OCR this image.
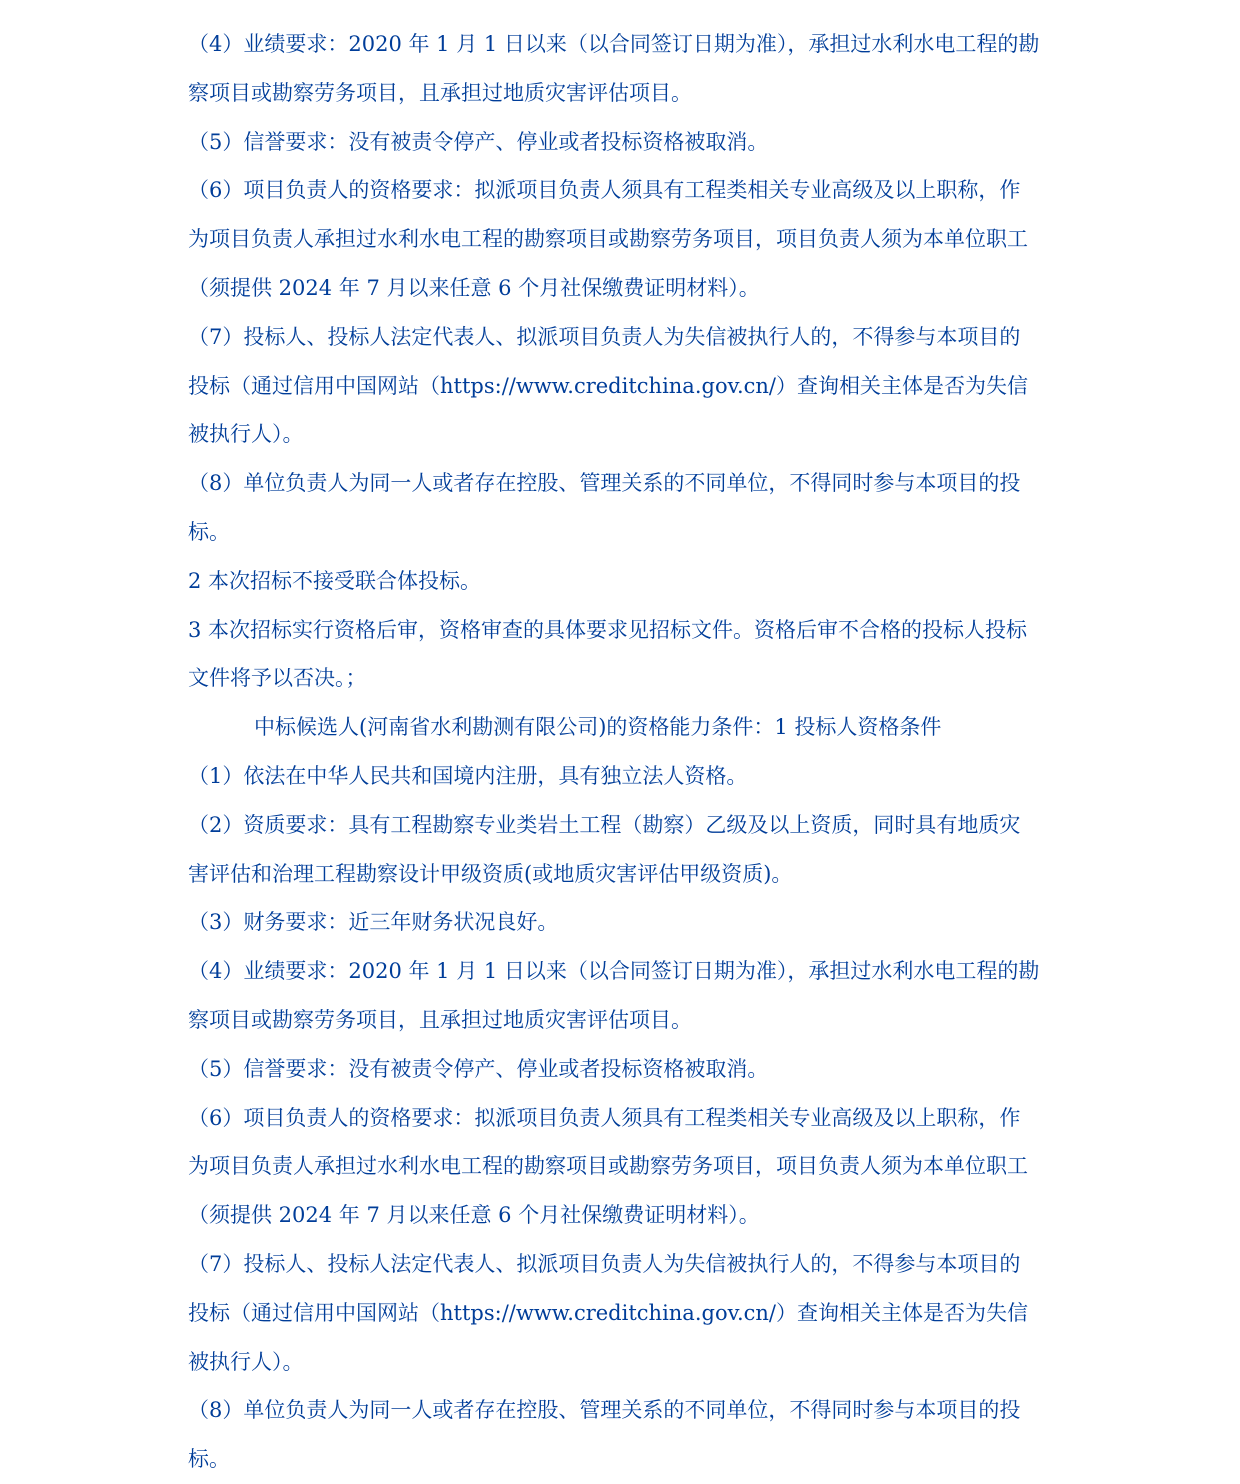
（4）业绩要求：2020 年 1 月 1 日以来（以合同签订日期为准），承担过水利水电工程的勘
察项目或勘察劳务项目，且承担过地质灾害评估项目。
（5）信誉要求：没有被责令停产、停业或者投标资格被取消。
（6）项目负责人的资格要求：拟派项目负责人须具有工程类相关专业高级及以上职称，作
为项目负责人承担过水利水电工程的勘察项目或勘察劳务项目，项目负责人须为本单位职工
（须提供 2024 年 7 月以来任意 6 个月社保缴费证明材料）。
（7）投标人、投标人法定代表人、拟派项目负责人为失信被执行人的，不得参与本项目的
投标（通过信用中国网站（https://www.creditchina.gov.cn/）查询相关主体是否为失信
被执行人）。
（8）单位负责人为同一人或者存在控股、管理关系的不同单位，不得同时参与本项目的投
标。
2 本次招标不接受联合体投标。
3 本次招标实行资格后审，资格审查的具体要求见招标文件。资格后审不合格的投标人投标
文件将予以否决。；
中标候选人(河南省水利勘测有限公司)的资格能力条件：1 投标人资格条件
（1）依法在中华人民共和国境内注册，具有独立法人资格。
（2）资质要求：具有工程勘察专业类岩土工程（勘察）乙级及以上资质，同时具有地质灾
害评估和治理工程勘察设计甲级资质(或地质灾害评估甲级资质)。
（3）财务要求：近三年财务状况良好。
（4）业绩要求：2020 年 1 月 1 日以来（以合同签订日期为准），承担过水利水电工程的勘
察项目或勘察劳务项目，且承担过地质灾害评估项目。
（5）信誉要求：没有被责令停产、停业或者投标资格被取消。
（6）项目负责人的资格要求：拟派项目负责人须具有工程类相关专业高级及以上职称，作
为项目负责人承担过水利水电工程的勘察项目或勘察劳务项目，项目负责人须为本单位职工
（须提供 2024 年 7 月以来任意 6 个月社保缴费证明材料）。
（7）投标人、投标人法定代表人、拟派项目负责人为失信被执行人的，不得参与本项目的
投标（通过信用中国网站（https://www.creditchina.gov.cn/）查询相关主体是否为失信
被执行人）。
（8）单位负责人为同一人或者存在控股、管理关系的不同单位，不得同时参与本项目的投
标。
